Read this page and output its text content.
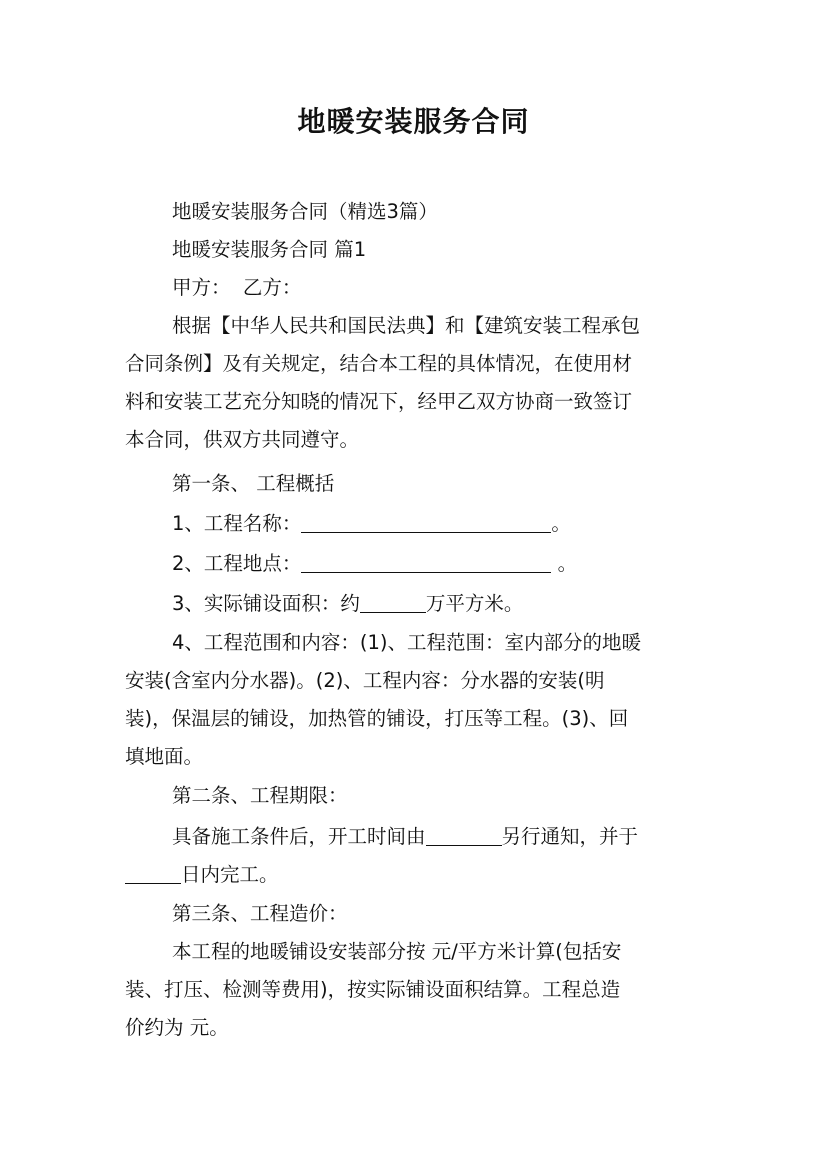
地暖安装服务合同
地暖安装服务合同（精选3篇）
地暖安装服务合同 篇1
甲方：  乙方：
根据【中华人民共和国民法典】和【建筑安装工程承包
合同条例】及有关规定，结合本工程的具体情况，在使用材
料和安装工艺充分知晓的情况下，经甲乙双方协商一致签订
本合同，供双方共同遵守。
第一条、 工程概括
1、工程名称：	。
2、工程地点：	。
3、实际铺设面积：约	万平方米。
4、工程范围和内容：(1)、工程范围：室内部分的地暖
安装(含室内分水器)。(2)、工程内容：分水器的安装(明
装)，保温层的铺设，加热管的铺设，打压等工程。(3)、回
填地面。
第二条、工程期限：
具备施工条件后，开工时间由	另行通知，并于
日内完工。
第三条、工程造价：
本工程的地暖铺设安装部分按 元/平方米计算(包括安
装、打压、检测等费用)，按实际铺设面积结算。工程总造
价约为 元。
